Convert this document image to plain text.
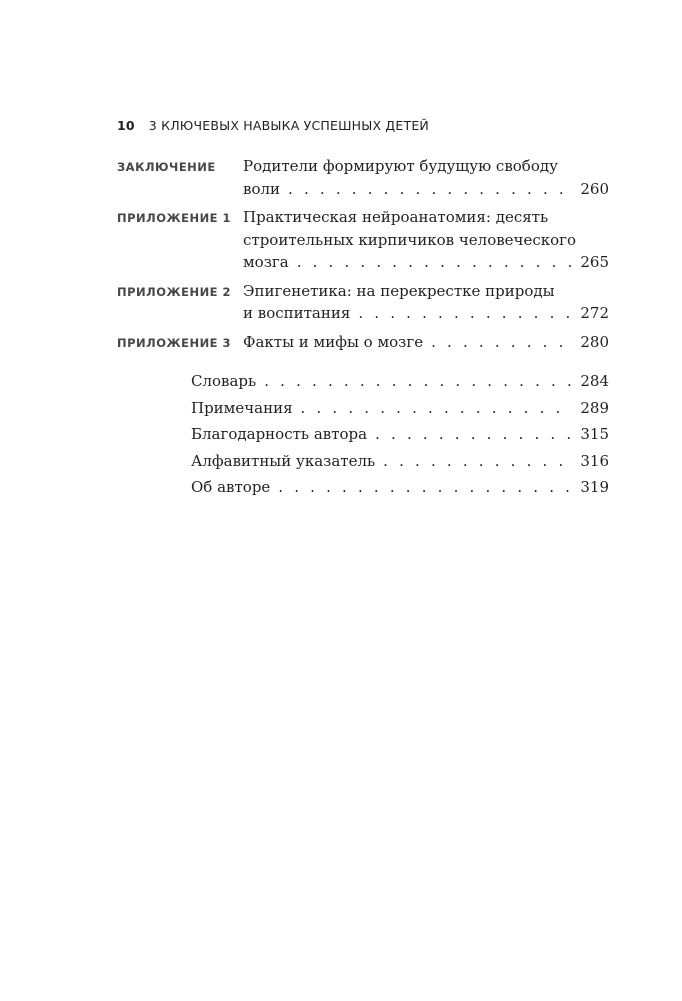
10 3 КЛЮЧЕВЫХ НАВЫКА УСПЕШНЫХ ДЕТЕЙ
ЗАКЛЮЧЕНИЕ Родители формируют будущую свободу
воли . . .	260
ПРИЛОЖЕНИЕ 1 Практическая нейроанатомия: десять
строительных кирпичиков человеческого
мозга . . .	265
ПРИЛОЖЕНИЕ 2 Эпигенетика: на перекрестке природы
и воспитания . . .	272
ПРИЛОЖЕНИЕ 3 Факты и мифы о мозге . . .	280
Словарь . . .	284
Примечания . . .	289
Благодарность автора . . .	315
Алфавитный указатель . . .	316
Об авторе . . .	319
